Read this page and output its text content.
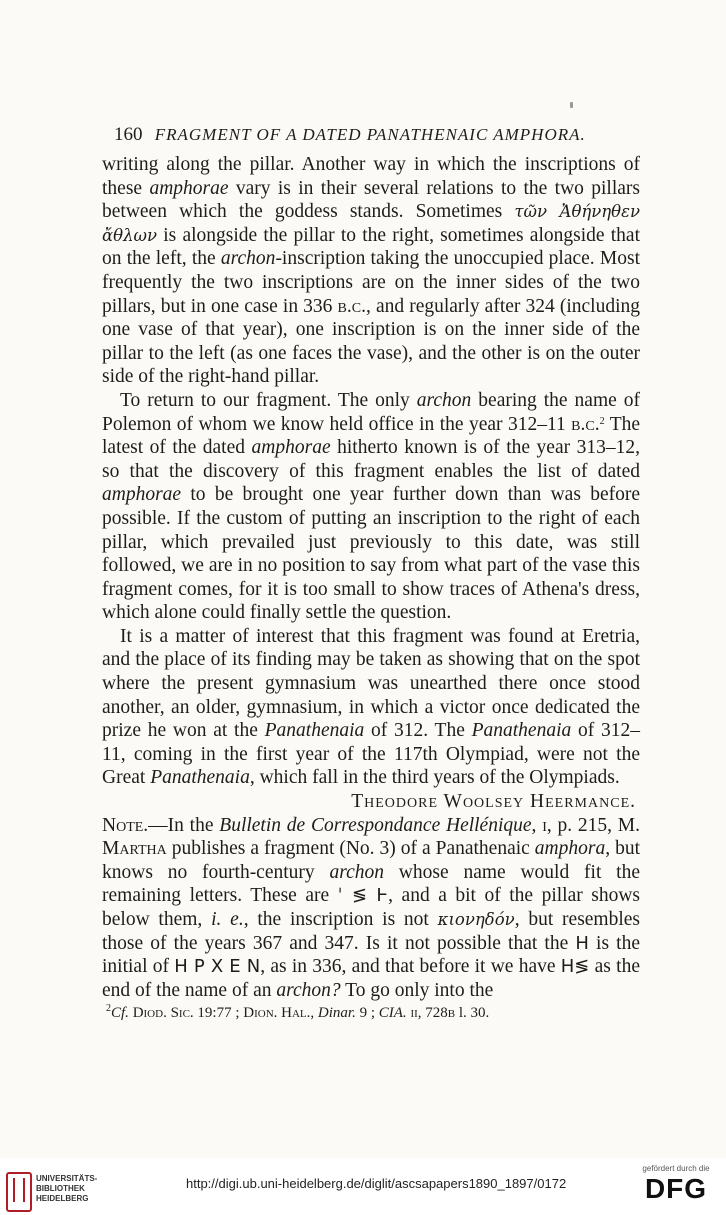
160 FRAGMENT OF A DATED PANATHENAIC AMPHORA.

writing along the pillar. Another way in which the inscriptions of these amphorae vary is in their several relations to the two pillars between which the goddess stands. Sometimes τῶν Ἀθήνηθεν ἄθλων is alongside the pillar to the right, sometimes alongside that on the left, the archon-inscription taking the unoccupied place. Most frequently the two inscriptions are on the inner sides of the two pillars, but in one case in 336 b.c., and regularly after 324 (including one vase of that year), one inscription is on the inner side of the pillar to the left (as one faces the vase), and the other is on the outer side of the right-hand pillar.

To return to our fragment. The only archon bearing the name of Polemon of whom we know held office in the year 312–11 b.c.$^2$ The latest of the dated amphorae hitherto known is of the year 313–12, so that the discovery of this fragment enables the list of dated amphorae to be brought one year further down than was before possible. If the custom of putting an inscription to the right of each pillar, which prevailed just previously to this date, was still followed, we are in no position to say from what part of the vase this fragment comes, for it is too small to show traces of Athena's dress, which alone could finally settle the question.

It is a matter of interest that this fragment was found at Eretria, and the place of its finding may be taken as showing that on the spot where the present gymnasium was unearthed there once stood another, an older, gymnasium, in which a victor once dedicated the prize he won at the Panathenaia of 312. The Panathenaia of 312–11, coming in the first year of the 117th Olympiad, were not the Great Panathenaia, which fall in the third years of the Olympiads.

Theodore Woolsey Heermance.

Note.—In the Bulletin de Correspondance Hellénique, i, p. 215, M. Martha publishes a fragment (No. 3) of a Panathenaic amphora, but knows no fourth-century archon whose name would fit the remaining letters. These are ˈ ≶ Ͱ, and a bit of the pillar shows below them, i. e., the inscription is not κιονηδόν, but resembles those of the years 367 and 347. Is it not possible that the H is the initial of H P X E N, as in 336, and that before it we have H≶ as the end of the name of an archon? To go only into the

$^2$Cf. Diod. Sic. 19:77 ; Dion. Hal., Dinar. 9 ; CIA. ii, 728b l. 30.
UNIVERSITÄTS-
BIBLIOTHEK
HEIDELBERG
http://digi.ub.uni-heidelberg.de/diglit/ascsapapers1890_1897/0172
gefördert durch die
DFG
